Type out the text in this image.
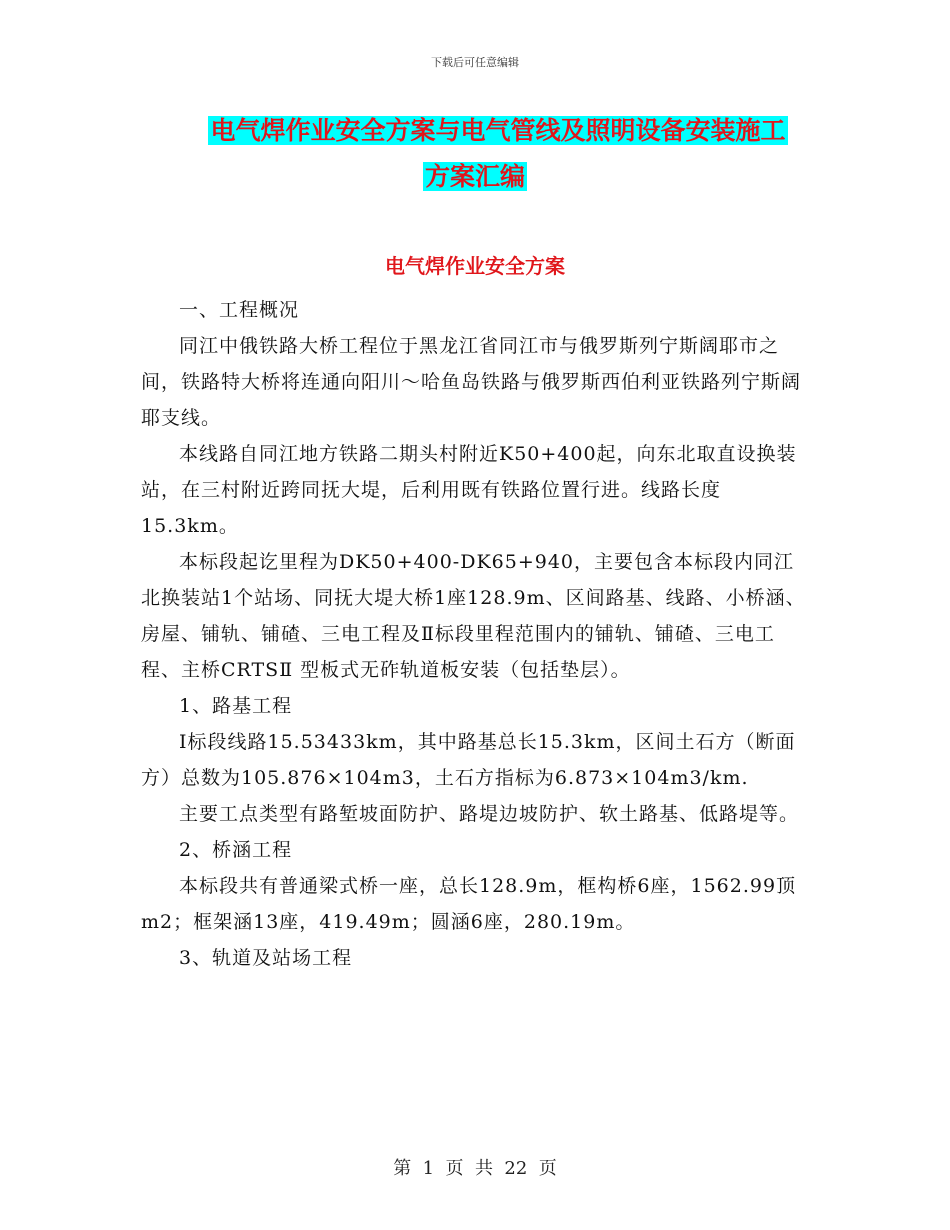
下载后可任意编辑
电气焊作业安全方案与电气管线及照明设备安装施工
方案汇编
电气焊作业安全方案

一、工程概况

同江中俄铁路大桥工程位于黑龙江省同江市与俄罗斯列宁斯阔耶市之间，铁路特大桥将连通向阳川～哈鱼岛铁路与俄罗斯西伯利亚铁路列宁斯阔耶支线。

本线路自同江地方铁路二期头村附近K50+400起，向东北取直设换装站，在三村附近跨同抚大堤，后利用既有铁路位置行进。线路长度15.3km。

本标段起讫里程为DK50+400-DK65+940，主要包含本标段内同江北换装站1个站场、同抚大堤大桥1座128.9m、区间路基、线路、小桥涵、房屋、铺轨、铺碴、三电工程及Ⅱ标段里程范围内的铺轨、铺碴、三电工程、主桥CRTSⅡ 型板式无砟轨道板安装（包括垫层）。

1、路基工程

Ⅰ标段线路15.53433km，其中路基总长15.3km，区间土石方（断面方）总数为105.876×104m3，土石方指标为6.873×104m3/km.

主要工点类型有路堑坡面防护、路堤边坡防护、软土路基、低路堤等。

2、桥涵工程

本标段共有普通梁式桥一座，总长128.9m，框构桥6座，1562.99顶m2；框架涵13座，419.49m；圆涵6座，280.19m。

3、轨道及站场工程

第  1  页  共  22  页
